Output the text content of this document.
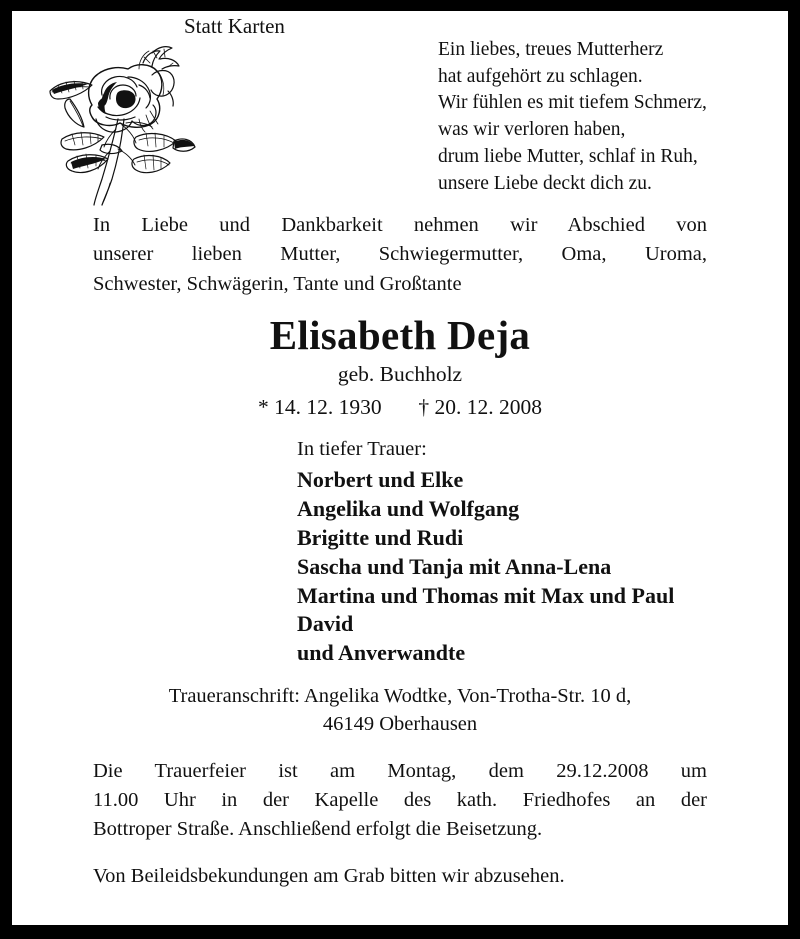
Statt Karten
Ein liebes, treues Mutterherz
hat aufgehört zu schlagen.
Wir fühlen es mit tiefem Schmerz,
was wir verloren haben,
drum liebe Mutter, schlaf in Ruh,
unsere Liebe deckt dich zu.
In Liebe und Dankbarkeit nehmen wir Abschied von
unserer lieben Mutter, Schwiegermutter, Oma, Uroma,
Schwester, Schwägerin, Tante und Großtante
Elisabeth Deja
geb. Buchholz
* 14. 12. 1930 † 20. 12. 2008
In tiefer Trauer:
Norbert und Elke
Angelika und Wolfgang
Brigitte und Rudi
Sascha und Tanja mit Anna-Lena
Martina und Thomas mit Max und Paul
David
und Anverwandte
Traueranschrift: Angelika Wodtke, Von-Trotha-Str. 10 d,
46149 Oberhausen
Die Trauerfeier ist am Montag, dem 29.12.2008 um
11.00 Uhr in der Kapelle des kath. Friedhofes an der
Bottroper Straße. Anschließend erfolgt die Beisetzung.
Von Beileidsbekundungen am Grab bitten wir abzusehen.
